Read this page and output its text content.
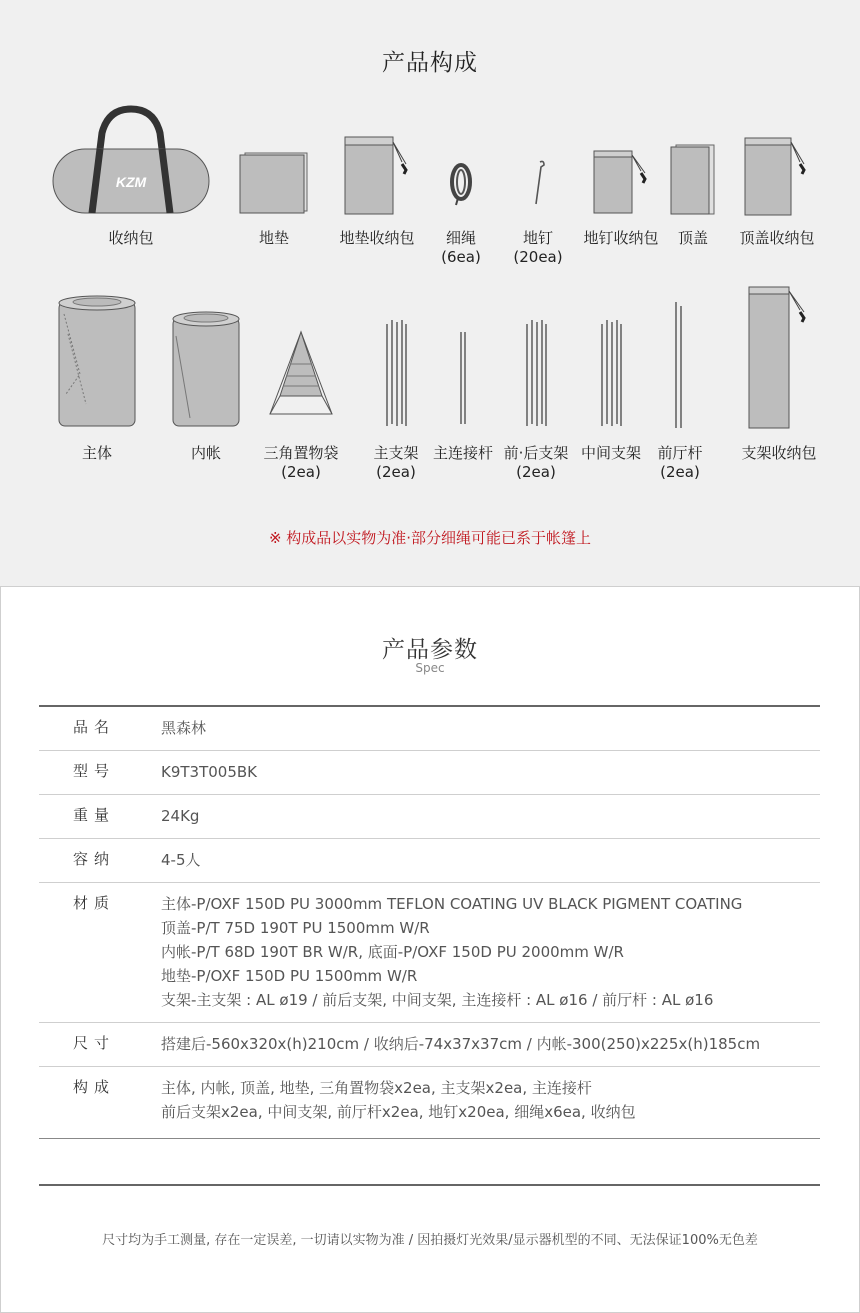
产品构成
KZM
收纳包	地垫	地垫收纳包	细绳
(6ea)
地钉
(20ea)
地钉收纳包	顶盖	顶盖收纳包
主体	内帐	三角置物袋
(2ea)
主支架
(2ea)
主连接杆 前·后支架
(2ea)
中间支架	前厅杆
(2ea)
支架收纳包
※ 构成品以实物为准·部分细绳可能已系于帐篷上
产品参数
Spec
品名	黑森林
型号	K9T3T005BK
重量	24Kg
容纳	4-5人
材质	主体-P/OXF 150D PU 3000mm TEFLON COATING UV BLACK PIGMENT COATING
顶盖-P/T 75D 190T PU 1500mm W/R
内帐-P/T 68D 190T BR W/R, 底面-P/OXF 150D PU 2000mm W/R
地垫-P/OXF 150D PU 1500mm W/R
支架-主支架 : AL ø19 / 前后支架, 中间支架, 主连接杆 : AL ø16 / 前厅杆 : AL ø16
尺寸	搭建后-560x320x(h)210cm / 收纳后-74x37x37cm / 内帐-300(250)x225x(h)185cm
构成	主体, 内帐, 顶盖, 地垫, 三角置物袋x2ea, 主支架x2ea, 主连接杆
前后支架x2ea, 中间支架, 前厅杆x2ea, 地钉x20ea, 细绳x6ea, 收纳包
尺寸均为手工测量, 存在一定误差, 一切请以实物为准 / 因拍摄灯光效果/显示器机型的不同、无法保证100%无色差
